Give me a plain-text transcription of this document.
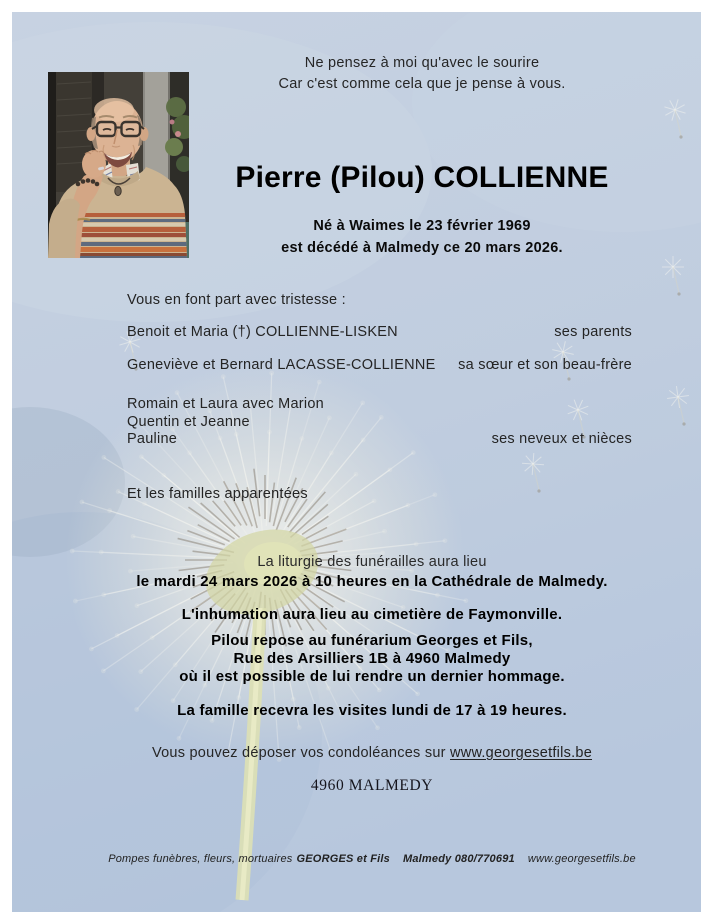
Ne pensez à moi qu'avec le sourire
Car c'est comme cela que je pense à vous.
Pierre (Pilou) COLLIENNE
Né à Waimes le 23 février 1969
est décédé à Malmedy ce 20 mars 2026.
Vous en font part avec tristesse :
Benoit et Maria (†) COLLIENNE-LISKEN	ses parents
Geneviève et Bernard LACASSE-COLLIENNE sa sœur et son beau-frère
Romain et Laura avec Marion
Quentin et Jeanne
Pauline	ses neveux et nièces
Et les familles apparentées
La liturgie des funérailles aura lieu
le mardi 24 mars 2026 à 10 heures en la Cathédrale de Malmedy.
L'inhumation aura lieu au cimetière de Faymonville.
Pilou repose au funérarium Georges et Fils,
Rue des Arsilliers 1B à 4960 Malmedy
où il est possible de lui rendre un dernier hommage.
La famille recevra les visites lundi de 17 à 19 heures.
Vous pouvez déposer vos condoléances sur www.georgesetfils.be
4960 MALMEDY
Pompes funèbres, fleurs, mortuaires GEORGES et Fils Malmedy 080/770691 www.georgesetfils.be
